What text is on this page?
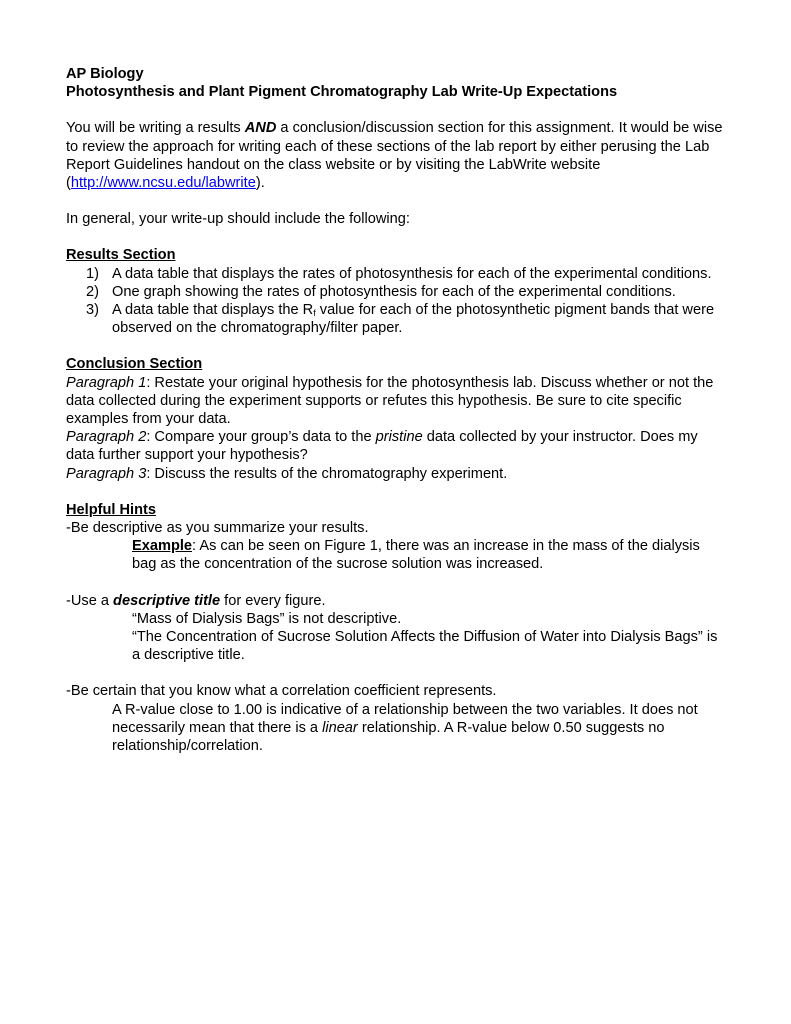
AP Biology

Photosynthesis and Plant Pigment Chromatography Lab Write-Up Expectations

You will be writing a results AND a conclusion/discussion section for this assignment. It would be wise to review the approach for writing each of these sections of the lab report by either perusing the Lab Report Guidelines handout on the class website or by visiting the LabWrite website (http://www.ncsu.edu/labwrite).

In general, your write-up should include the following:

Results Section

1) A data table that displays the rates of photosynthesis for each of the experimental conditions.
2) One graph showing the rates of photosynthesis for each of the experimental conditions.
3) A data table that displays the $R_f$ value for each of the photosynthetic pigment bands that were observed on the chromatography/filter paper.

Conclusion Section

Paragraph 1: Restate your original hypothesis for the photosynthesis lab. Discuss whether or not the data collected during the experiment supports or refutes this hypothesis. Be sure to cite specific examples from your data.

Paragraph 2: Compare your group’s data to the pristine data collected by your instructor. Does my data further support your hypothesis?

Paragraph 3: Discuss the results of the chromatography experiment.

Helpful Hints

-Be descriptive as you summarize your results.

Example: As can be seen on Figure 1, there was an increase in the mass of the dialysis bag as the concentration of the sucrose solution was increased.

-Use a descriptive title for every figure.

“Mass of Dialysis Bags” is not descriptive.

“The Concentration of Sucrose Solution Affects the Diffusion of Water into Dialysis Bags” is a descriptive title.

-Be certain that you know what a correlation coefficient represents.

A R-value close to 1.00 is indicative of a relationship between the two variables. It does not necessarily mean that there is a linear relationship. A R-value below 0.50 suggests no relationship/correlation.
